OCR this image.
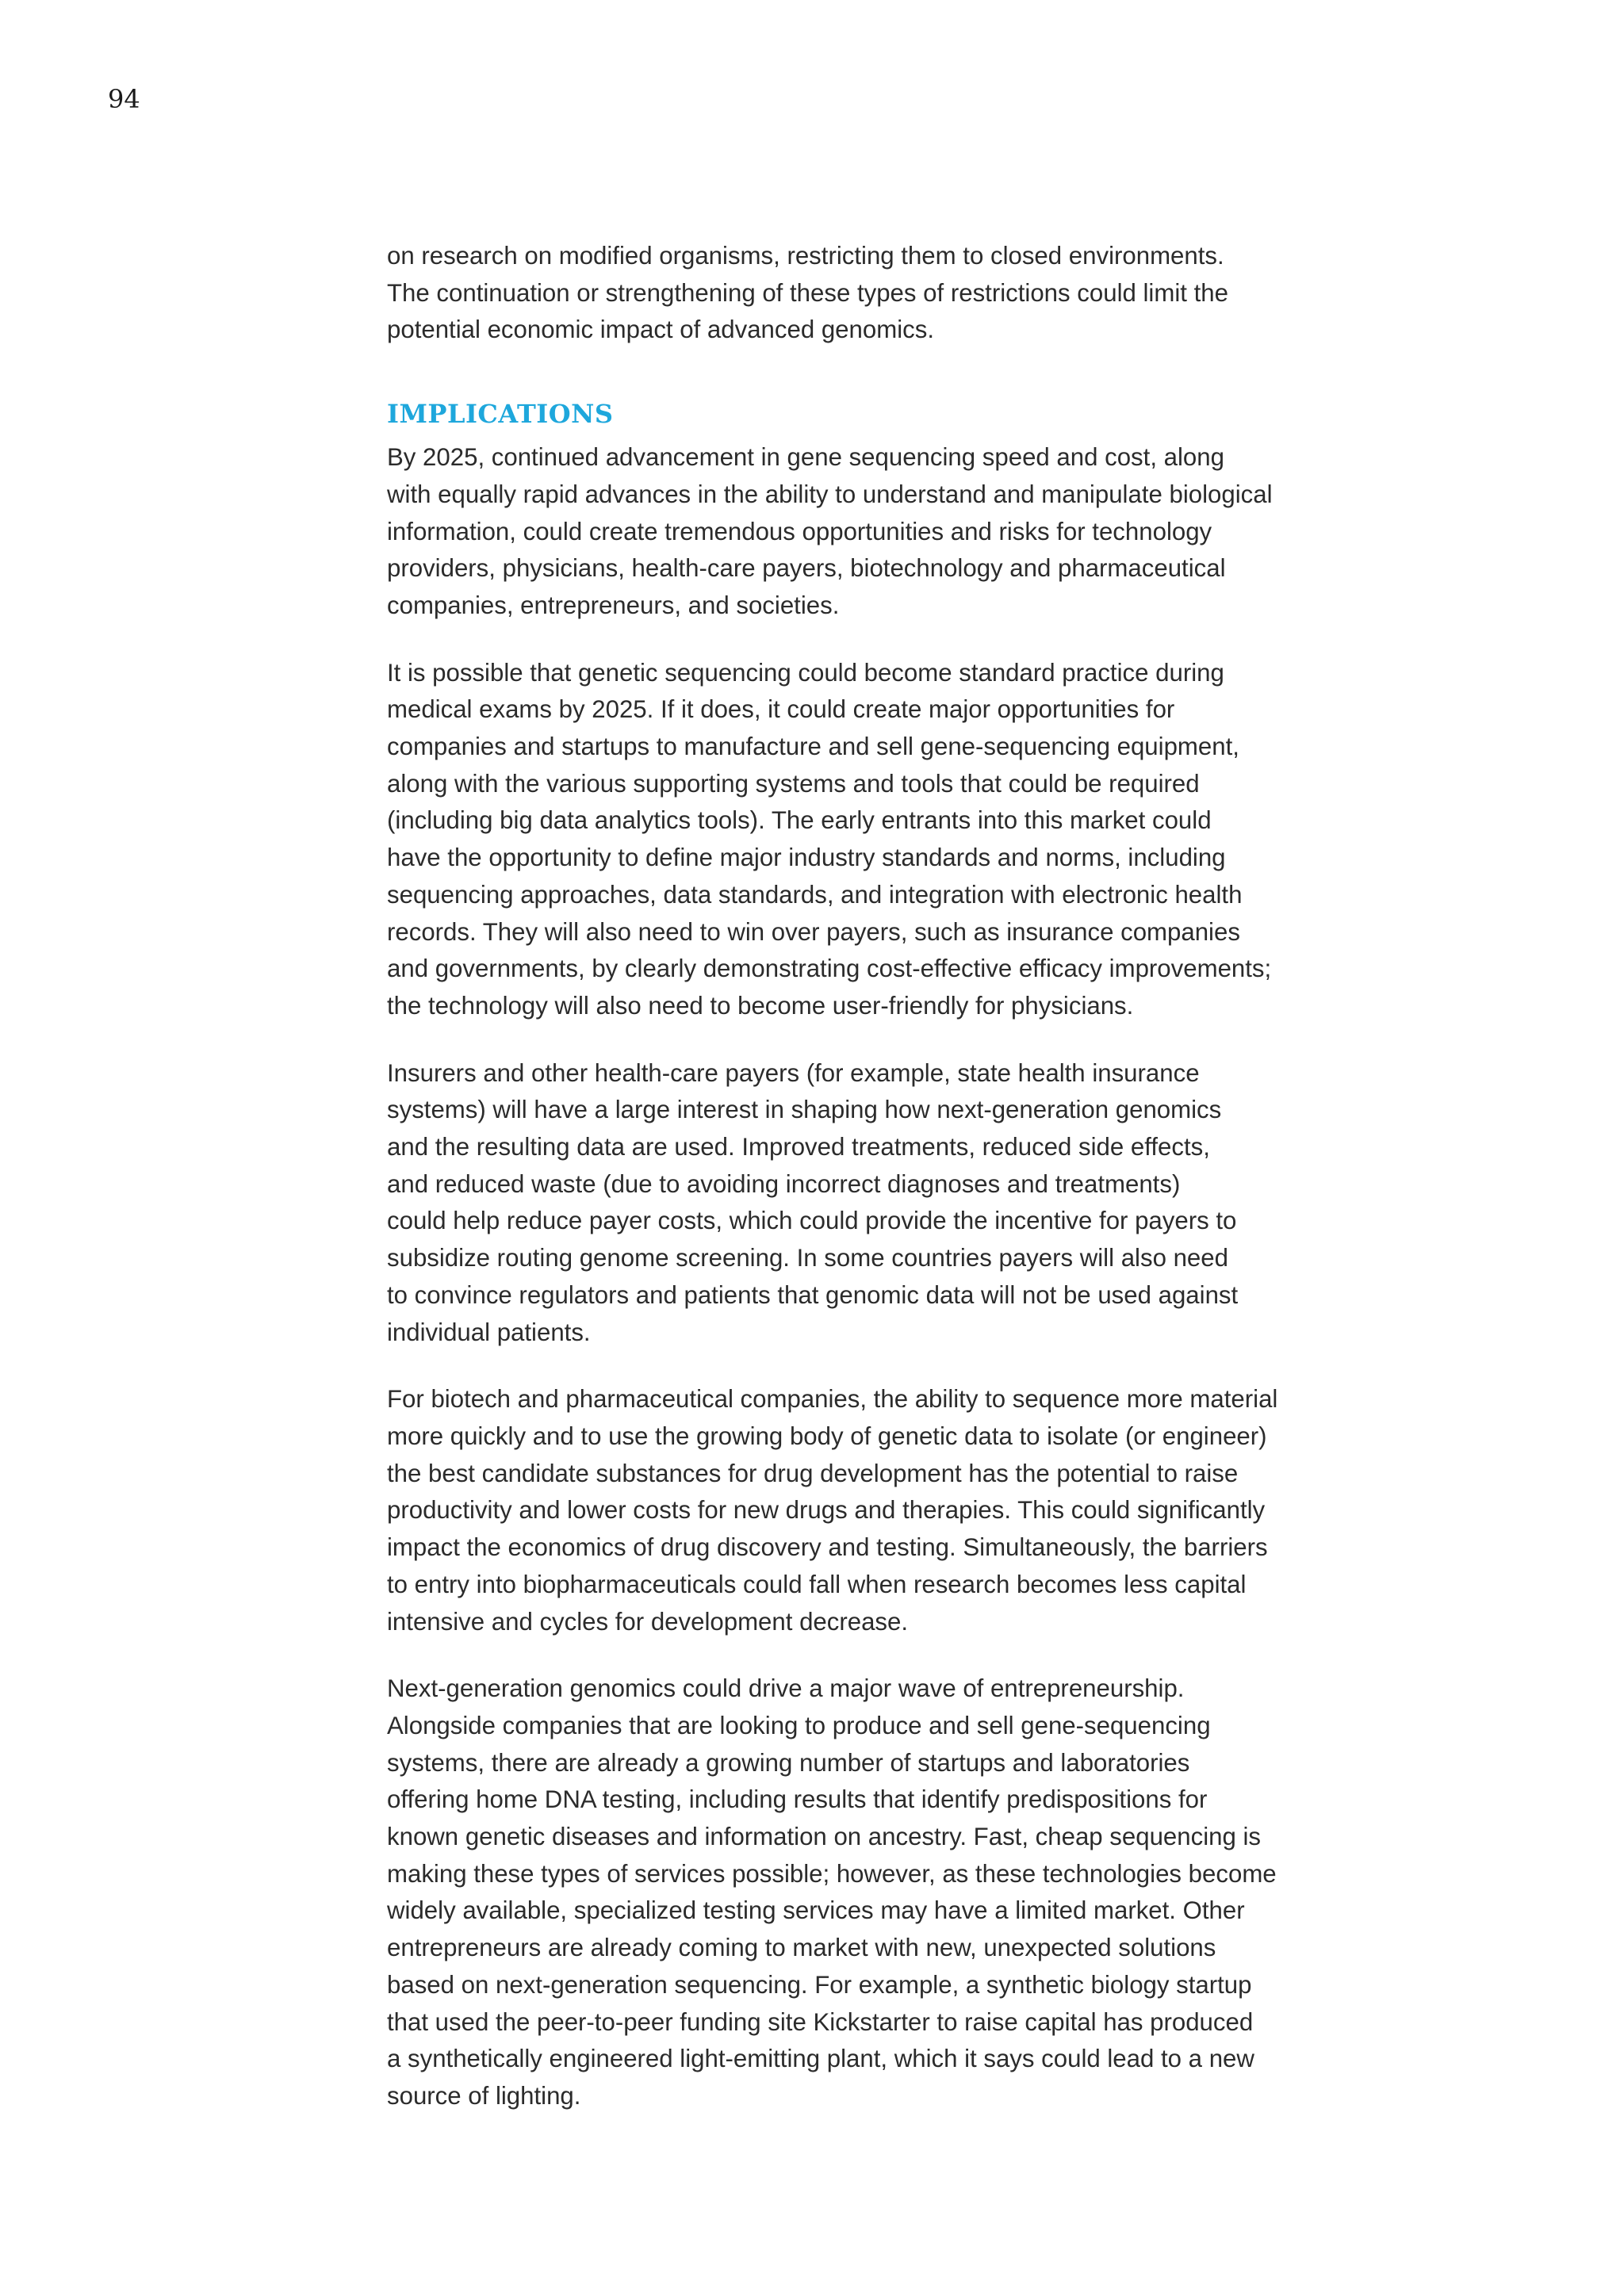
94

on research on modified organisms, restricting them to closed environments.
The continuation or strengthening of these types of restrictions could limit the
potential economic impact of advanced genomics.

IMPLICATIONS

By 2025, continued advancement in gene sequencing speed and cost, along
with equally rapid advances in the ability to understand and manipulate biological
information, could create tremendous opportunities and risks for technology
providers, physicians, health-care payers, biotechnology and pharmaceutical
companies, entrepreneurs, and societies.

It is possible that genetic sequencing could become standard practice during
medical exams by 2025. If it does, it could create major opportunities for
companies and startups to manufacture and sell gene-sequencing equipment,
along with the various supporting systems and tools that could be required
(including big data analytics tools). The early entrants into this market could
have the opportunity to define major industry standards and norms, including
sequencing approaches, data standards, and integration with electronic health
records. They will also need to win over payers, such as insurance companies
and governments, by clearly demonstrating cost-effective efficacy improvements;
the technology will also need to become user-friendly for physicians.

Insurers and other health-care payers (for example, state health insurance
systems) will have a large interest in shaping how next-generation genomics
and the resulting data are used. Improved treatments, reduced side effects,
and reduced waste (due to avoiding incorrect diagnoses and treatments)
could help reduce payer costs, which could provide the incentive for payers to
subsidize routing genome screening. In some countries payers will also need
to convince regulators and patients that genomic data will not be used against
individual patients.

For biotech and pharmaceutical companies, the ability to sequence more material
more quickly and to use the growing body of genetic data to isolate (or engineer)
the best candidate substances for drug development has the potential to raise
productivity and lower costs for new drugs and therapies. This could significantly
impact the economics of drug discovery and testing. Simultaneously, the barriers
to entry into biopharmaceuticals could fall when research becomes less capital
intensive and cycles for development decrease.

Next-generation genomics could drive a major wave of entrepreneurship.
Alongside companies that are looking to produce and sell gene-sequencing
systems, there are already a growing number of startups and laboratories
offering home DNA testing, including results that identify predispositions for
known genetic diseases and information on ancestry. Fast, cheap sequencing is
making these types of services possible; however, as these technologies become
widely available, specialized testing services may have a limited market. Other
entrepreneurs are already coming to market with new, unexpected solutions
based on next-generation sequencing. For example, a synthetic biology startup
that used the peer-to-peer funding site Kickstarter to raise capital has produced
a synthetically engineered light-emitting plant, which it says could lead to a new
source of lighting.
